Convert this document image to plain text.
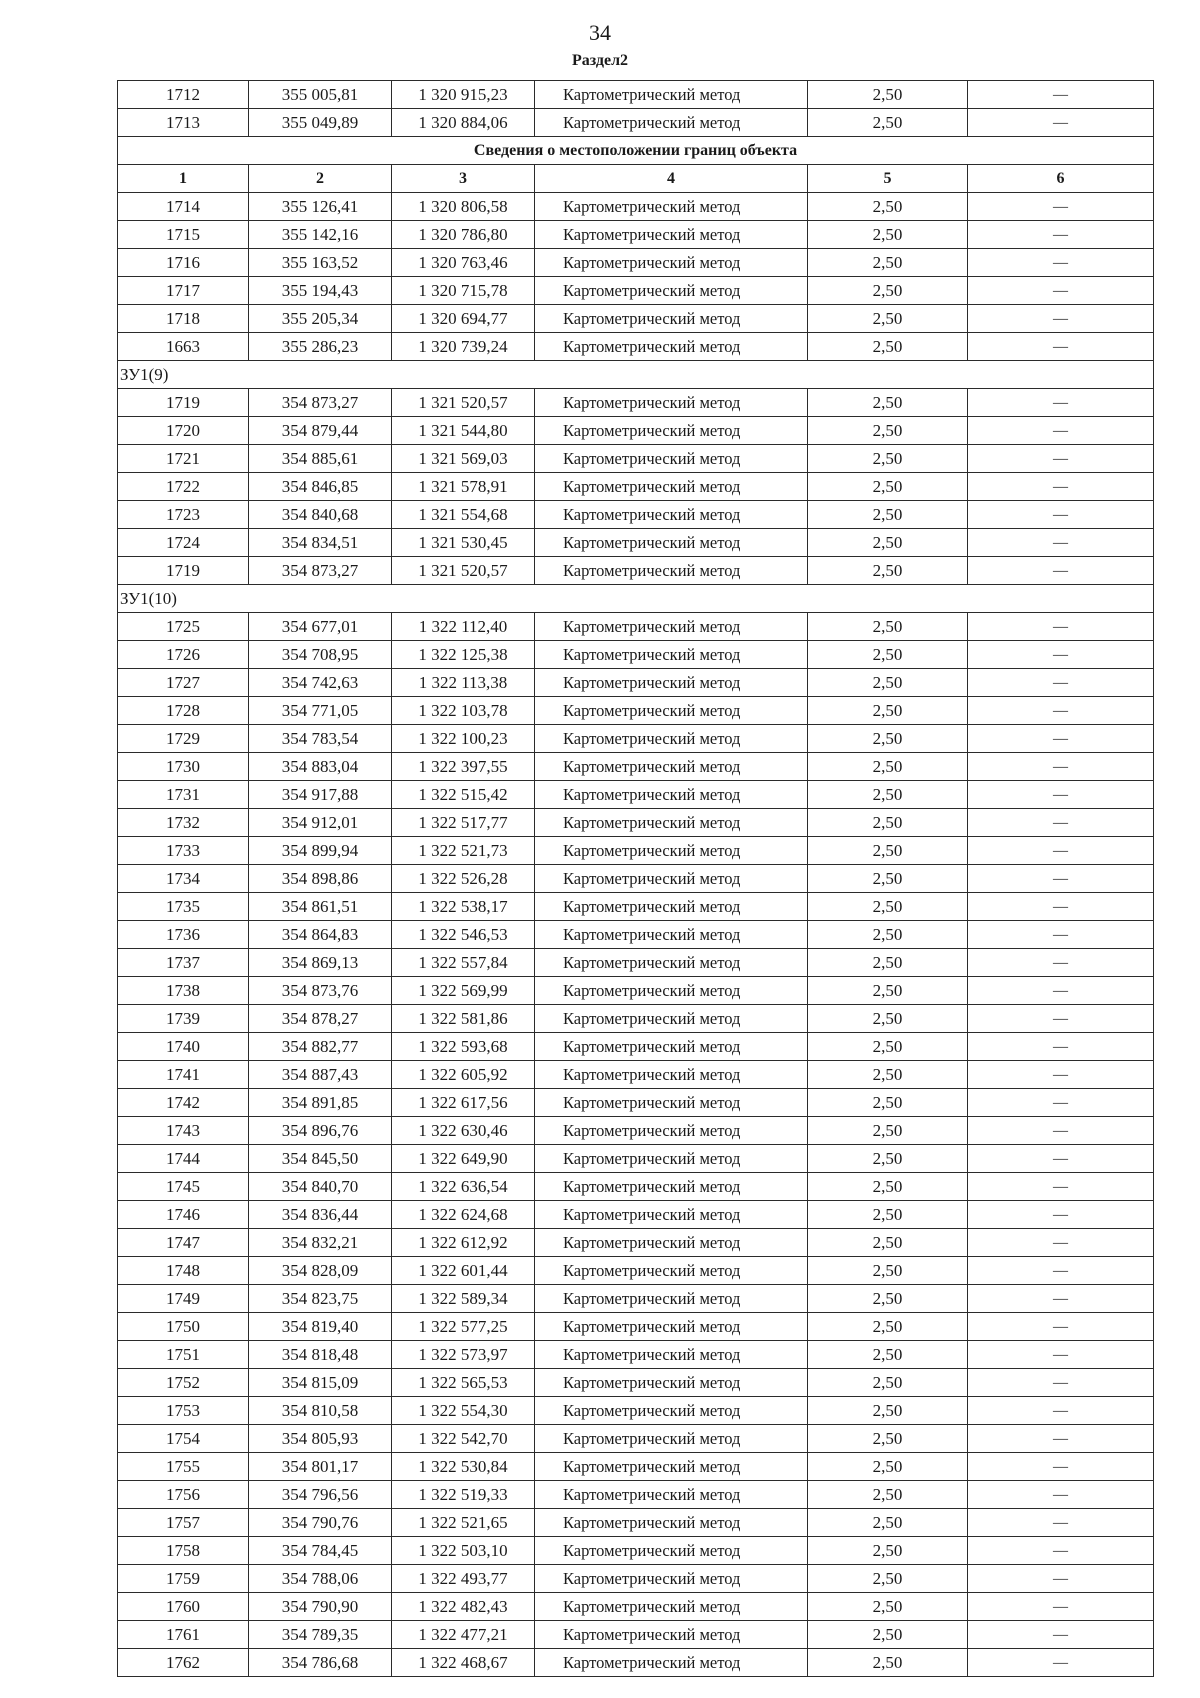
34
Раздел2
1712	355 005,81	1 320 915,23	Картометрический метод	2,50	—
1713	355 049,89	1 320 884,06	Картометрический метод	2,50	—
Сведения о местоположении границ объекта					
1	2	3	4	5	6
1714	355 126,41	1 320 806,58	Картометрический метод	2,50	—
1715	355 142,16	1 320 786,80	Картометрический метод	2,50	—
1716	355 163,52	1 320 763,46	Картометрический метод	2,50	—
1717	355 194,43	1 320 715,78	Картометрический метод	2,50	—
1718	355 205,34	1 320 694,77	Картометрический метод	2,50	—
1663	355 286,23	1 320 739,24	Картометрический метод	2,50	—
ЗУ1(9)					
1719	354 873,27	1 321 520,57	Картометрический метод	2,50	—
1720	354 879,44	1 321 544,80	Картометрический метод	2,50	—
1721	354 885,61	1 321 569,03	Картометрический метод	2,50	—
1722	354 846,85	1 321 578,91	Картометрический метод	2,50	—
1723	354 840,68	1 321 554,68	Картометрический метод	2,50	—
1724	354 834,51	1 321 530,45	Картометрический метод	2,50	—
1719	354 873,27	1 321 520,57	Картометрический метод	2,50	—
ЗУ1(10)					
1725	354 677,01	1 322 112,40	Картометрический метод	2,50	—
1726	354 708,95	1 322 125,38	Картометрический метод	2,50	—
1727	354 742,63	1 322 113,38	Картометрический метод	2,50	—
1728	354 771,05	1 322 103,78	Картометрический метод	2,50	—
1729	354 783,54	1 322 100,23	Картометрический метод	2,50	—
1730	354 883,04	1 322 397,55	Картометрический метод	2,50	—
1731	354 917,88	1 322 515,42	Картометрический метод	2,50	—
1732	354 912,01	1 322 517,77	Картометрический метод	2,50	—
1733	354 899,94	1 322 521,73	Картометрический метод	2,50	—
1734	354 898,86	1 322 526,28	Картометрический метод	2,50	—
1735	354 861,51	1 322 538,17	Картометрический метод	2,50	—
1736	354 864,83	1 322 546,53	Картометрический метод	2,50	—
1737	354 869,13	1 322 557,84	Картометрический метод	2,50	—
1738	354 873,76	1 322 569,99	Картометрический метод	2,50	—
1739	354 878,27	1 322 581,86	Картометрический метод	2,50	—
1740	354 882,77	1 322 593,68	Картометрический метод	2,50	—
1741	354 887,43	1 322 605,92	Картометрический метод	2,50	—
1742	354 891,85	1 322 617,56	Картометрический метод	2,50	—
1743	354 896,76	1 322 630,46	Картометрический метод	2,50	—
1744	354 845,50	1 322 649,90	Картометрический метод	2,50	—
1745	354 840,70	1 322 636,54	Картометрический метод	2,50	—
1746	354 836,44	1 322 624,68	Картометрический метод	2,50	—
1747	354 832,21	1 322 612,92	Картометрический метод	2,50	—
1748	354 828,09	1 322 601,44	Картометрический метод	2,50	—
1749	354 823,75	1 322 589,34	Картометрический метод	2,50	—
1750	354 819,40	1 322 577,25	Картометрический метод	2,50	—
1751	354 818,48	1 322 573,97	Картометрический метод	2,50	—
1752	354 815,09	1 322 565,53	Картометрический метод	2,50	—
1753	354 810,58	1 322 554,30	Картометрический метод	2,50	—
1754	354 805,93	1 322 542,70	Картометрический метод	2,50	—
1755	354 801,17	1 322 530,84	Картометрический метод	2,50	—
1756	354 796,56	1 322 519,33	Картометрический метод	2,50	—
1757	354 790,76	1 322 521,65	Картометрический метод	2,50	—
1758	354 784,45	1 322 503,10	Картометрический метод	2,50	—
1759	354 788,06	1 322 493,77	Картометрический метод	2,50	—
1760	354 790,90	1 322 482,43	Картометрический метод	2,50	—
1761	354 789,35	1 322 477,21	Картометрический метод	2,50	—
1762	354 786,68	1 322 468,67	Картометрический метод	2,50	—
